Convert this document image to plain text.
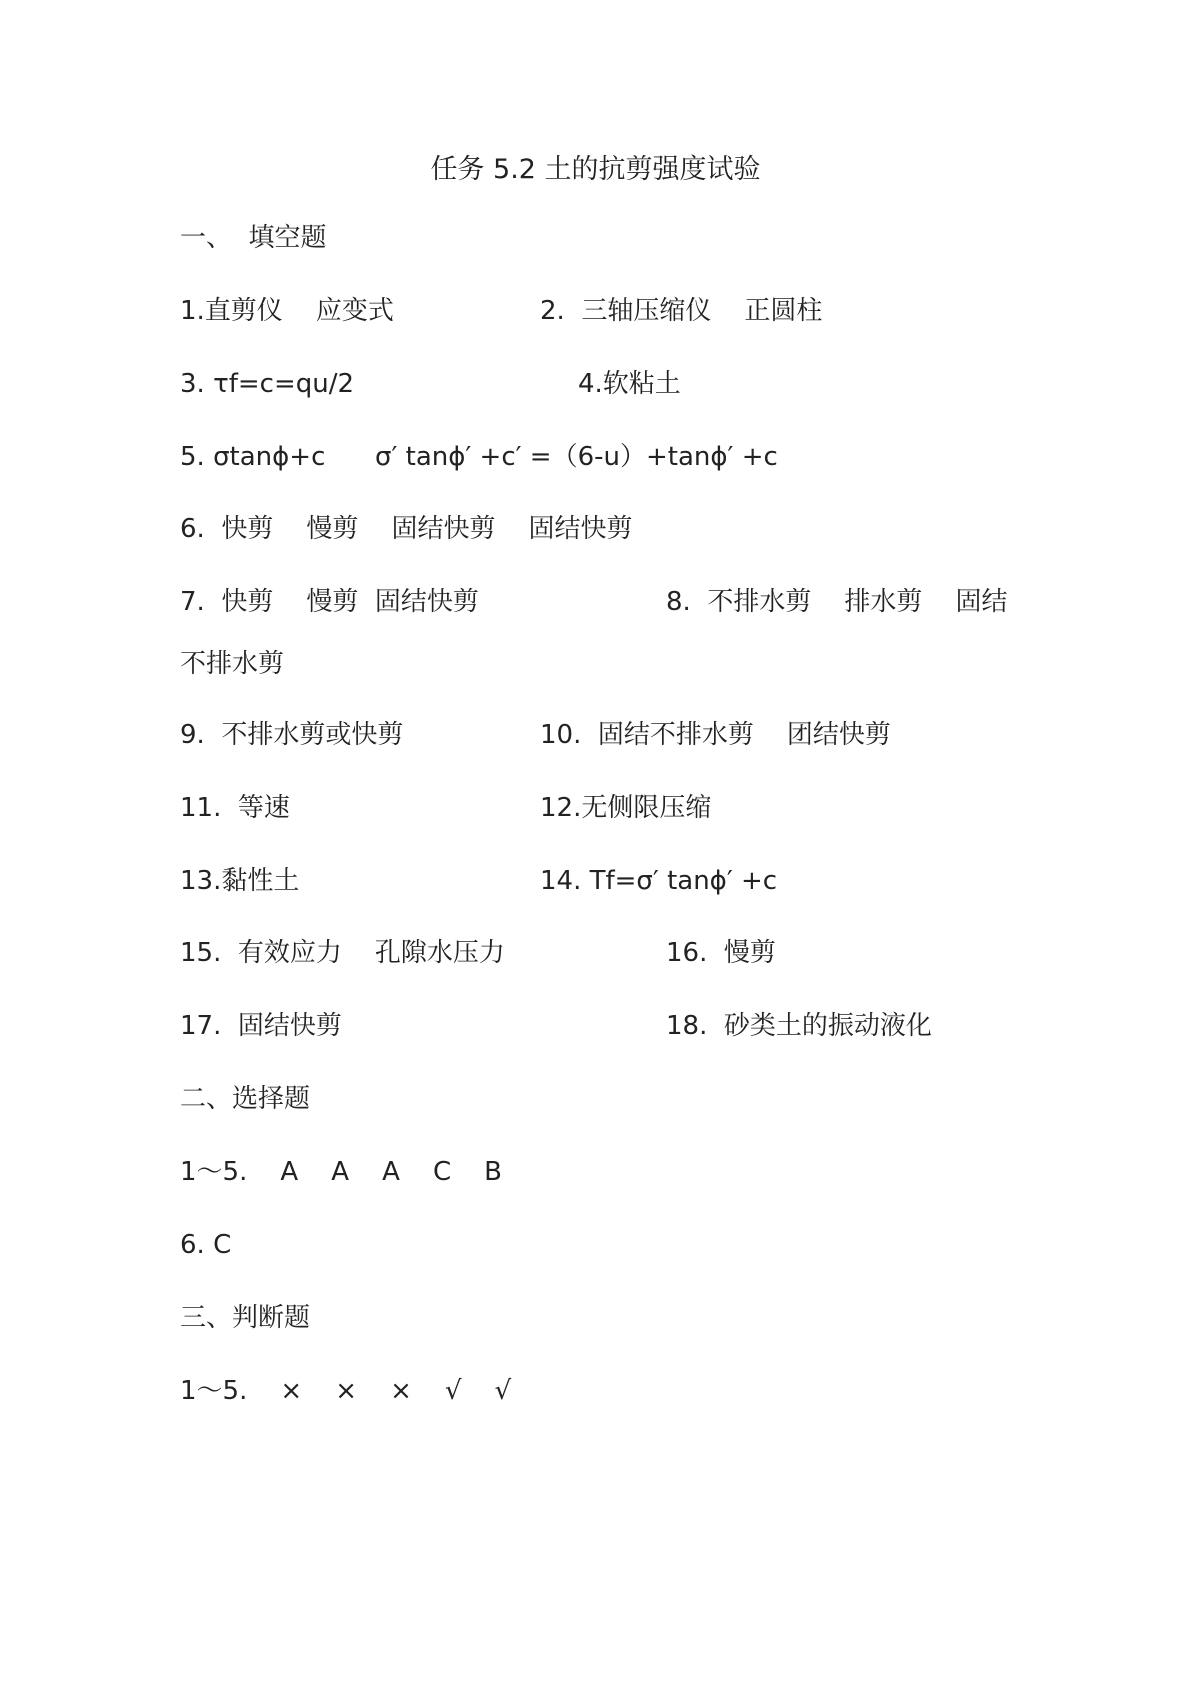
任务 5.2 土的抗剪强度试验
一、  填空题
1.直剪仪    应变式	2.  三轴压缩仪    正圆柱
3. τf=c=qu/2	4.软粘土
5. σtanϕ+c      σ′ tanϕ′ +c′ =（6-u）+tanϕ′ +c
6.  快剪    慢剪    固结快剪    固结快剪
7.  快剪    慢剪  固结快剪	8.  不排水剪    排水剪    固结
不排水剪
9.  不排水剪或快剪	10.  固结不排水剪    团结快剪
11.  等速	12.无侧限压缩
13.黏性土	14. Tf=σ′ tanϕ′ +c
15.  有效应力    孔隙水压力	16.  慢剪
17.  固结快剪	18.  砂类土的振动液化
二、选择题
1～5.    A    A    A    C    B
6. C
三、判断题
1～5.    ×    ×    ×    √    √
